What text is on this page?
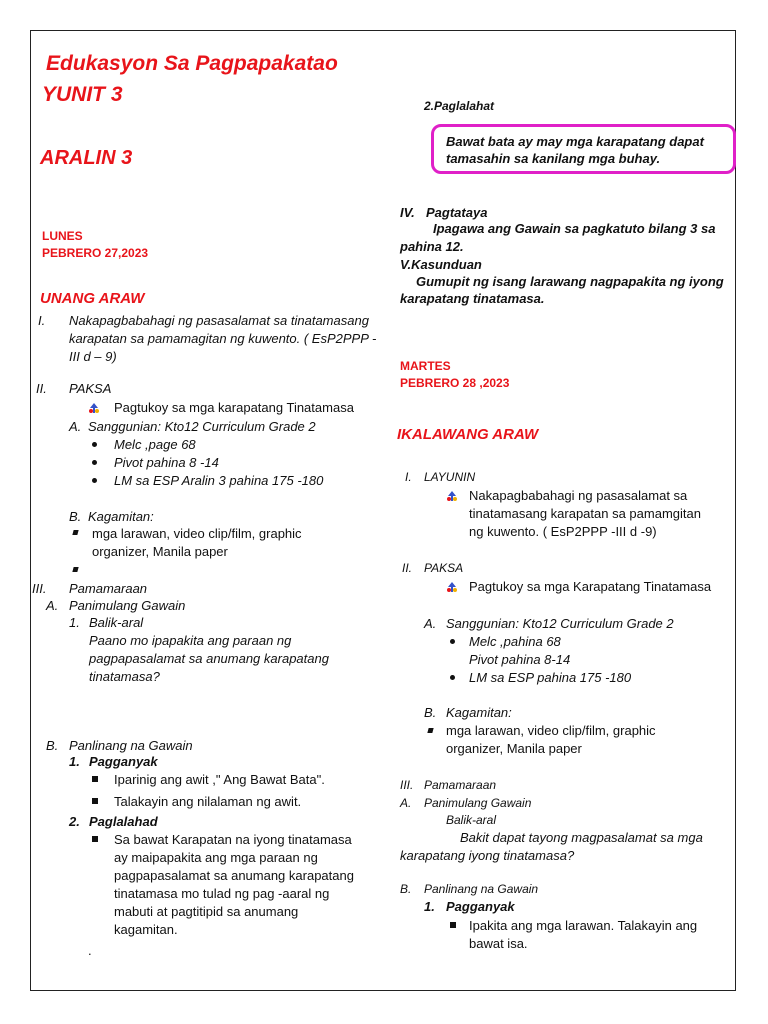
Edukasyon Sa Pagpapakatao
YUNIT 3
ARALIN 3
LUNES
PEBRERO 27,2023
UNANG ARAW
I. Nakapagbabahagi ng pasasalamat sa tinatamasang
karapatan sa pamamagitan ng kuwento. ( EsP2PPP -
III d – 9)
II. PAKSA
Pagtukoy sa mga karapatang Tinatamasa
A. Sanggunian: Kto12 Curriculum Grade 2
Melc ,page 68
Pivot pahina 8 -14
LM sa ESP Aralin 3 pahina 175 -180
B. Kagamitan:
mga larawan, video clip/film, graphic
organizer, Manila paper
III. Pamamaraan
A. Panimulang Gawain
1. Balik-aral
Paano mo ipapakita ang paraan ng
pagpapasalamat sa anumang karapatang
tinatamasa?
B. Panlinang na Gawain
1. Pagganyak
Iparinig ang awit ," Ang Bawat Bata".
Talakayin ang nilalaman ng awit.
2. Paglalahad
Sa bawat Karapatan na iyong tinatamasa
ay maipapakita ang mga paraan ng
pagpapasalamat sa anumang karapatang
tinatamasa mo tulad ng pag -aaral ng
mabuti at pagtitipid sa anumang
kagamitan.
.
2.Paglalahat
Bawat bata ay may mga karapatang dapat
tamasahin sa kanilang mga buhay.
IV. Pagtataya
Ipagawa ang Gawain sa pagkatuto bilang 3 sa
pahina 12.
V.Kasunduan
Gumupit ng isang larawang nagpapakita ng iyong
karapatang tinatamasa.
MARTES
PEBRERO 28 ,2023
IKALAWANG ARAW
I. LAYUNIN
Nakapagbabahagi ng pasasalamat sa
tinatamasang karapatan sa pamamgitan
ng kuwento. ( EsP2PPP -III d -9)
II. PAKSA
Pagtukoy sa mga Karapatang Tinatamasa
A. Sanggunian: Kto12 Curriculum Grade 2
Melc ,pahina 68
Pivot pahina 8-14
LM sa ESP pahina 175 -180
B. Kagamitan:
mga larawan, video clip/film, graphic
organizer, Manila paper
III. Pamamaraan
A. Panimulang Gawain
Balik-aral
Bakit dapat tayong magpasalamat sa mga
karapatang iyong tinatamasa?
B. Panlinang na Gawain
1. Pagganyak
Ipakita ang mga larawan. Talakayin ang
bawat isa.
